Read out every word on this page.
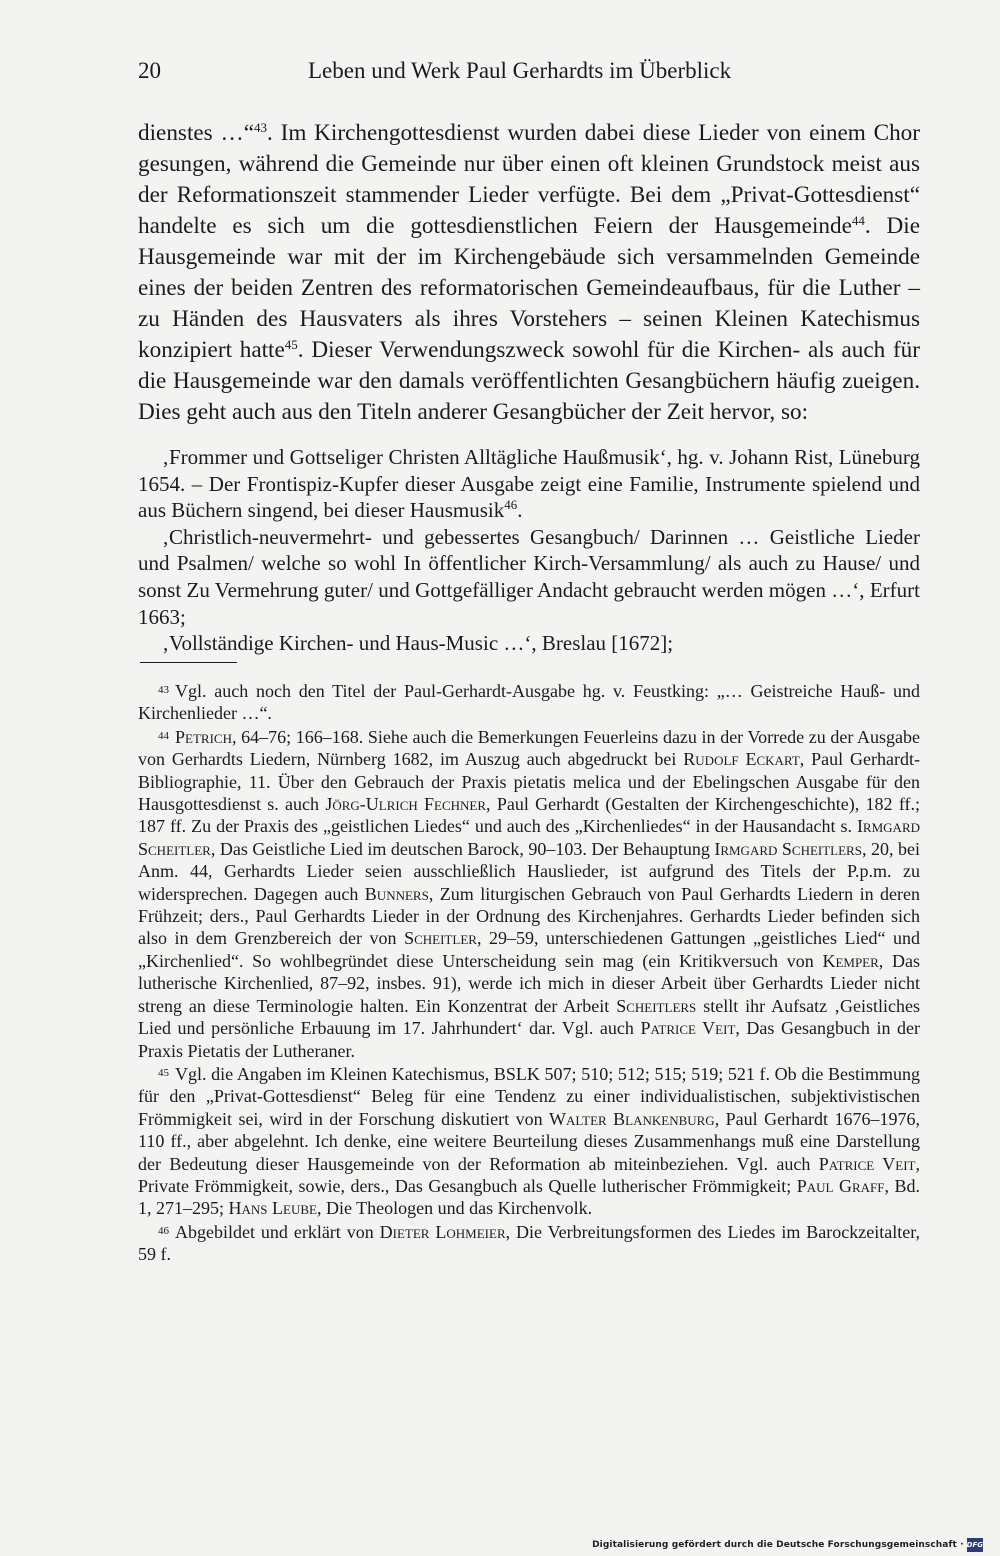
20	Leben und Werk Paul Gerhardts im Überblick

dienstes …“$^{43}$. Im Kirchengottesdienst wurden dabei diese Lieder von einem Chor gesungen, während die Gemeinde nur über einen oft kleinen Grundstock meist aus der Reformationszeit stammender Lieder verfügte. Bei dem „Privat-Gottesdienst“ handelte es sich um die gottesdienstlichen Feiern der Hausgemeinde$^{44}$. Die Hausgemeinde war mit der im Kirchengebäude sich versammelnden Gemeinde eines der beiden Zentren des reformatorischen Gemeindeaufbaus, für die Luther – zu Händen des Hausvaters als ihres Vorstehers – seinen Kleinen Katechismus konzipiert hatte$^{45}$. Dieser Verwendungszweck sowohl für die Kirchen- als auch für die Hausgemeinde war den damals veröffentlichten Gesangbüchern häufig zueigen. Dies geht auch aus den Titeln anderer Gesangbücher der Zeit hervor, so:

‚Frommer und Gottseliger Christen Alltägliche Haußmusik‘, hg. v. Johann Rist, Lüneburg 1654. – Der Frontispiz-Kupfer dieser Ausgabe zeigt eine Familie, Instrumente spielend und aus Büchern singend, bei dieser Hausmusik$^{46}$.

‚Christlich-neuvermehrt- und gebessertes Gesangbuch/ Darinnen … Geistliche Lieder und Psalmen/ welche so wohl In öffentlicher Kirch-Versammlung/ als auch zu Hause/ und sonst Zu Vermehrung guter/ und Gottgefälliger Andacht gebraucht werden mögen …‘, Erfurt 1663;

‚Vollständige Kirchen- und Haus-Music …‘, Breslau [1672];

$^{43}$ Vgl. auch noch den Titel der Paul-Gerhardt-Ausgabe hg. v. Feustking: „… Geistreiche Hauß- und Kirchenlieder …“.

$^{44}$ Petrich, 64–76; 166–168. Siehe auch die Bemerkungen Feuerleins dazu in der Vorrede zu der Ausgabe von Gerhardts Liedern, Nürnberg 1682, im Auszug auch abgedruckt bei Rudolf Eckart, Paul Gerhardt-Bibliographie, 11. Über den Gebrauch der Praxis pietatis melica und der Ebelingschen Ausgabe für den Hausgottesdienst s. auch Jörg-Ulrich Fechner, Paul Gerhardt (Gestalten der Kirchengeschichte), 182 ff.; 187 ff. Zu der Praxis des „geistlichen Liedes“ und auch des „Kirchenliedes“ in der Hausandacht s. Irmgard Scheitler, Das Geistliche Lied im deutschen Barock, 90–103. Der Behauptung Irmgard Scheitlers, 20, bei Anm. 44, Gerhardts Lieder seien ausschließlich Hauslieder, ist aufgrund des Titels der P.p.m. zu widersprechen. Dagegen auch Bunners, Zum liturgischen Gebrauch von Paul Gerhardts Liedern in deren Frühzeit; ders., Paul Gerhardts Lieder in der Ordnung des Kirchenjahres. Gerhardts Lieder befinden sich also in dem Grenzbereich der von Scheitler, 29–59, unterschiedenen Gattungen „geistliches Lied“ und „Kirchenlied“. So wohlbegründet diese Unterscheidung sein mag (ein Kritikversuch von Kemper, Das lutherische Kirchenlied, 87–92, insbes. 91), werde ich mich in dieser Arbeit über Gerhardts Lieder nicht streng an diese Terminologie halten. Ein Konzentrat der Arbeit Scheitlers stellt ihr Aufsatz ‚Geistliches Lied und persönliche Erbauung im 17. Jahrhundert‘ dar. Vgl. auch Patrice Veit, Das Gesangbuch in der Praxis Pietatis der Lutheraner.

$^{45}$ Vgl. die Angaben im Kleinen Katechismus, BSLK 507; 510; 512; 515; 519; 521 f. Ob die Bestimmung für den „Privat-Gottesdienst“ Beleg für eine Tendenz zu einer individualistischen, subjektivistischen Frömmigkeit sei, wird in der Forschung diskutiert von Walter Blankenburg, Paul Gerhardt 1676–1976, 110 ff., aber abgelehnt. Ich denke, eine weitere Beurteilung dieses Zusammenhangs muß eine Darstellung der Bedeutung dieser Hausgemeinde von der Reformation ab miteinbeziehen. Vgl. auch Patrice Veit, Private Frömmigkeit, sowie, ders., Das Gesangbuch als Quelle lutherischer Frömmigkeit; Paul Graff, Bd. 1, 271–295; Hans Leube, Die Theologen und das Kirchenvolk.

$^{46}$ Abgebildet und erklärt von Dieter Lohmeier, Die Verbreitungsformen des Liedes im Barockzeitalter, 59 f.

Digitalisierung gefördert durch die Deutsche Forschungsgemeinschaft · DFG
